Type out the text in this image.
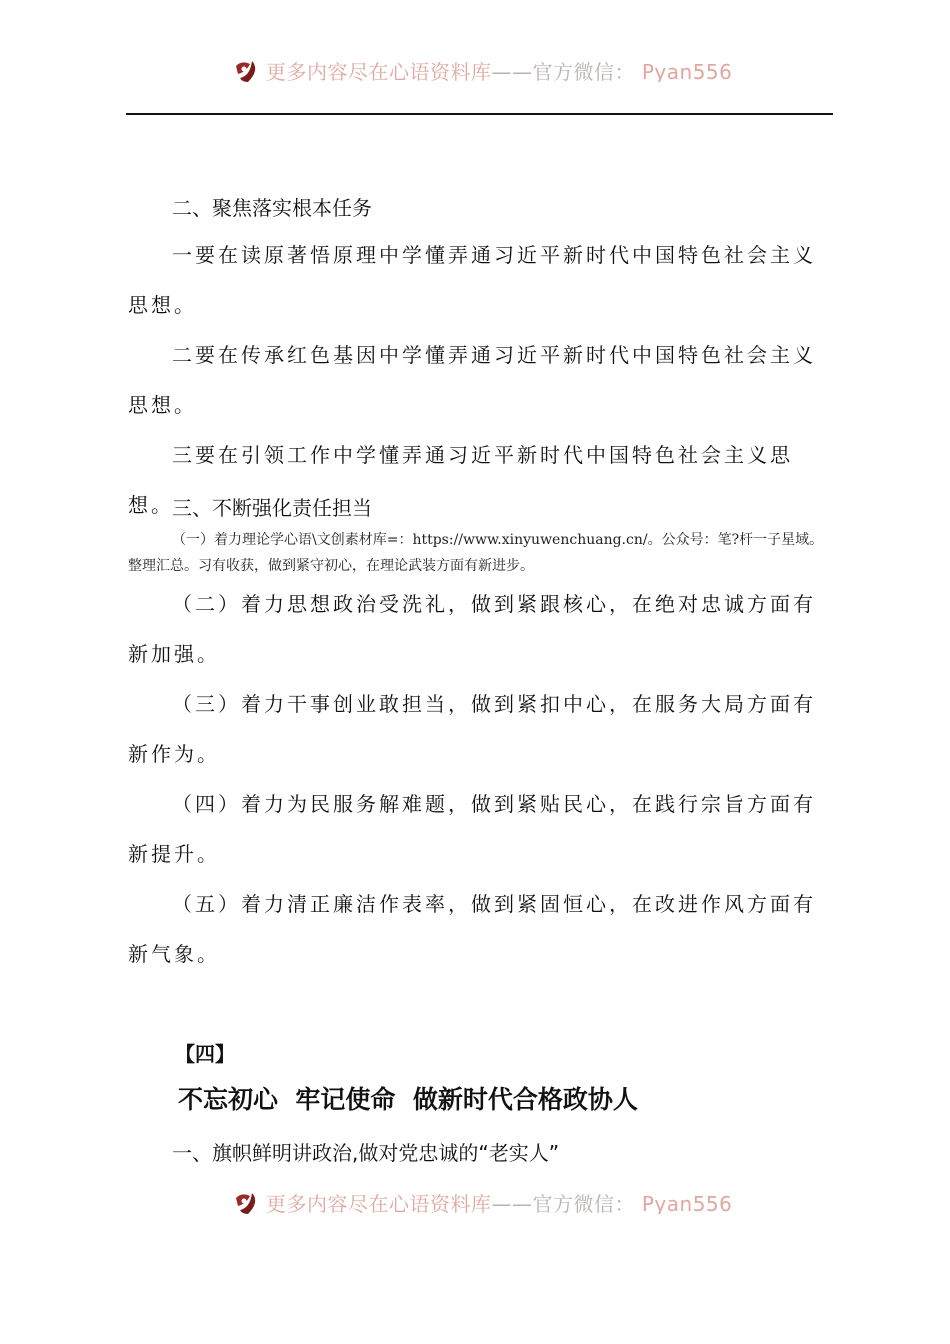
更多内容尽在心语资料库——官方微信： Pyan556
二、聚焦落实根本任务
一要在读原著悟原理中学懂弄通习近平新时代中国特色社会主义思想。
二要在传承红色基因中学懂弄通习近平新时代中国特色社会主义思想。
三要在引领工作中学懂弄通习近平新时代中国特色社会主义思想。
三、不断强化责任担当
（一）着力理论学心语\文创素材库=：https://www.xinyuwenchuang.cn/。公众号：笔?杆一子星域。整理汇总。习有收获，做到紧守初心，在理论武装方面有新进步。
（二）着力思想政治受洗礼，做到紧跟核心，在绝对忠诚方面有新加强。
（三）着力干事创业敢担当，做到紧扣中心，在服务大局方面有新作为。
（四）着力为民服务解难题，做到紧贴民心，在践行宗旨方面有新提升。
（五）着力清正廉洁作表率，做到紧固恒心，在改进作风方面有新气象。
【四】
不忘初心  牢记使命  做新时代合格政协人
一、旗帜鲜明讲政治,做对党忠诚的“老实人”
更多内容尽在心语资料库——官方微信： Pyan556
